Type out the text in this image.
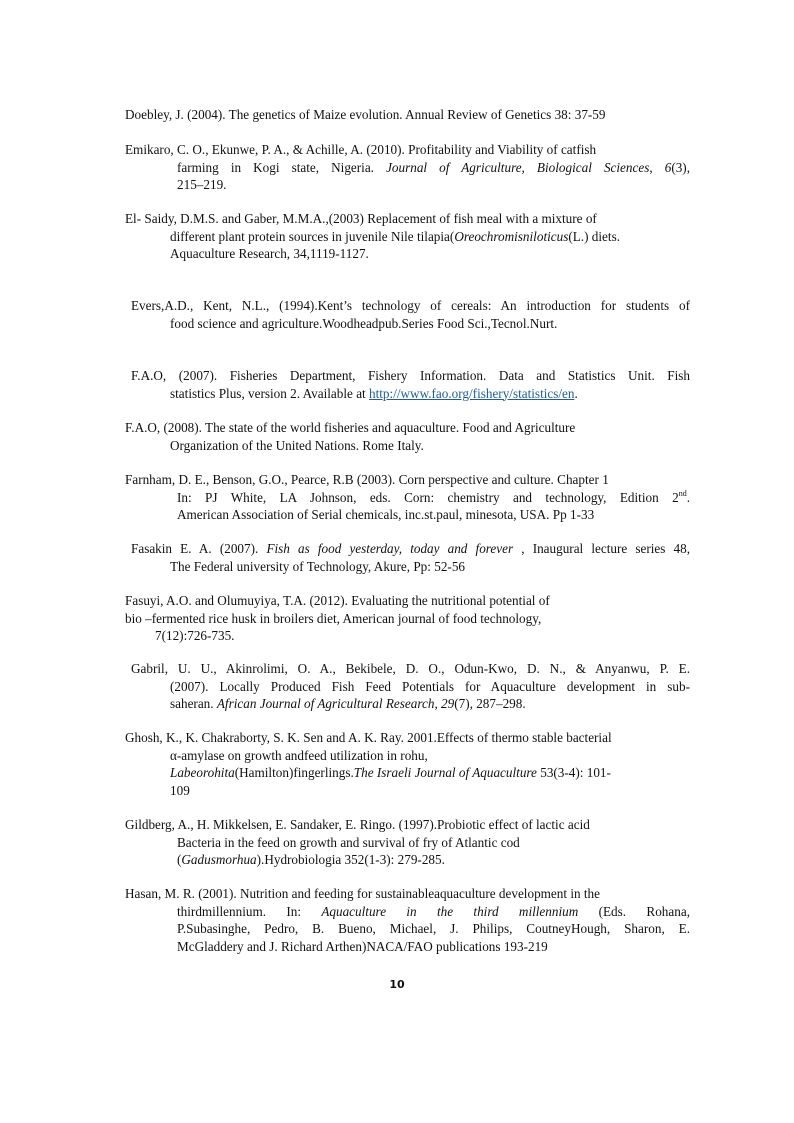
Doebley, J. (2004). The genetics of Maize evolution. Annual Review of Genetics 38: 37-59
Emikaro, C. O., Ekunwe, P. A., & Achille, A. (2010). Profitability and Viability of catfish
farming in Kogi state, Nigeria. Journal of Agriculture, Biological Sciences, 6(3),
215–219.
El- Saidy, D.M.S. and Gaber, M.M.A.,(2003) Replacement of fish meal with a mixture of
different plant protein sources in juvenile Nile tilapia(Oreochromisniloticus(L.) diets.
Aquaculture Research, 34,1119-1127.
Evers,A.D., Kent, N.L., (1994).Kent’s technology of cereals: An introduction for students of
food science and agriculture.Woodheadpub.Series Food Sci.,Tecnol.Nurt.
F.A.O, (2007). Fisheries Department, Fishery Information. Data and Statistics Unit. Fish
statistics Plus, version 2. Available at http://www.fao.org/fishery/statistics/en.
F.A.O, (2008). The state of the world fisheries and aquaculture. Food and Agriculture
Organization of the United Nations. Rome Italy.
Farnham, D. E., Benson, G.O., Pearce, R.B (2003). Corn perspective and culture. Chapter 1
In: PJ White, LA Johnson, eds. Corn: chemistry and technology, Edition 2nd.
American Association of Serial chemicals, inc.st.paul, minesota, USA. Pp 1-33
Fasakin E. A. (2007). Fish as food yesterday, today and forever , Inaugural lecture series 48,
The Federal university of Technology, Akure, Pp: 52-56
Fasuyi, A.O. and Olumuyiya, T.A. (2012). Evaluating the nutritional potential of
bio –fermented rice husk in broilers diet, American journal of food technology,
7(12):726-735.
Gabril, U. U., Akinrolimi, O. A., Bekibele, D. O., Odun-Kwo, D. N., & Anyanwu, P. E.
(2007). Locally Produced Fish Feed Potentials for Aquaculture development in sub-
saheran. African Journal of Agricultural Research, 29(7), 287–298.
Ghosh, K., K. Chakraborty, S. K. Sen and A. K. Ray. 2001.Effects of thermo stable bacterial
α-amylase on growth andfeed utilization in rohu,
Labeorohita(Hamilton)fingerlings.The Israeli Journal of Aquaculture 53(3-4): 101-
109
Gildberg, A., H. Mikkelsen, E. Sandaker, E. Ringo. (1997).Probiotic effect of lactic acid
Bacteria in the feed on growth and survival of fry of Atlantic cod
(Gadusmorhua).Hydrobiologia 352(1-3): 279-285.
Hasan, M. R. (2001). Nutrition and feeding for sustainableaquaculture development in the
thirdmillennium. In: Aquaculture in the third millennium (Eds. Rohana,
P.Subasinghe, Pedro, B. Bueno, Michael, J. Philips, CoutneyHough, Sharon, E.
McGladdery and J. Richard Arthen)NACA/FAO publications 193-219
10
